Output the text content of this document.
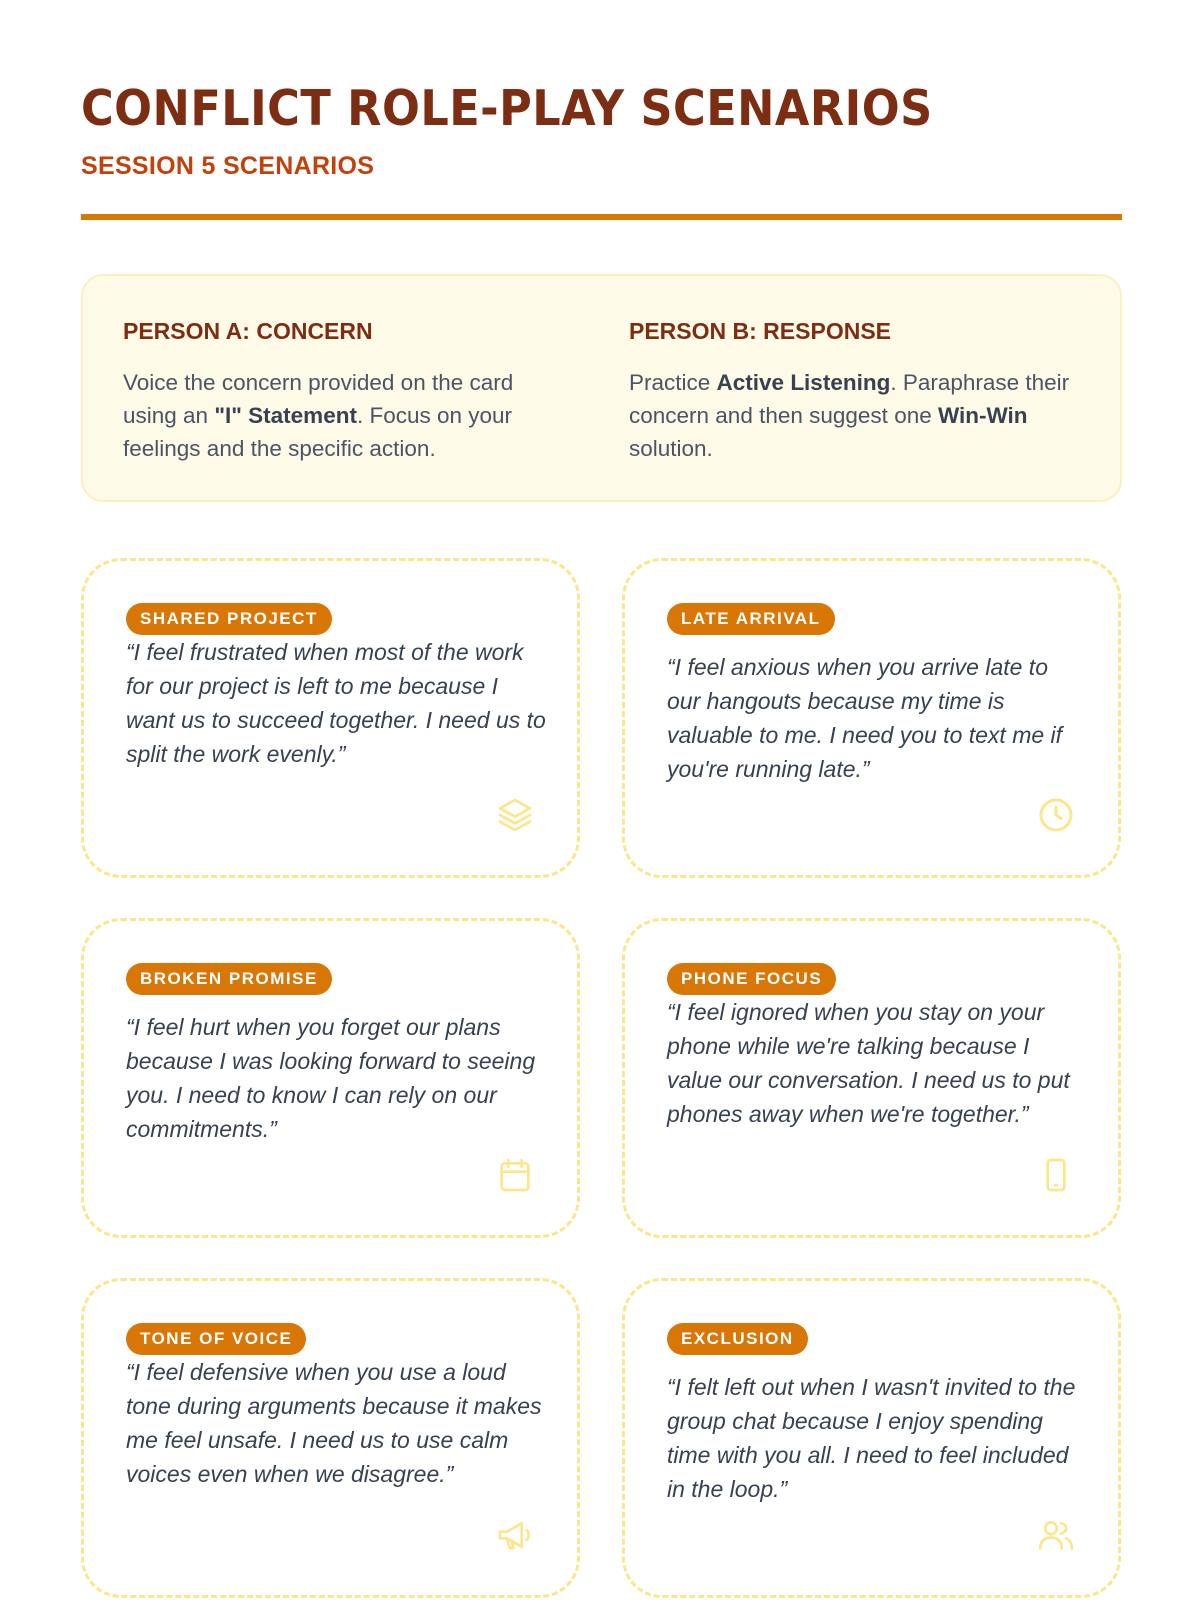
CONFLICT ROLE-PLAY SCENARIOS
SESSION 5 SCENARIOS
PERSON A: CONCERN

Voice the concern provided on the card using an "I" Statement. Focus on your feelings and the specific action.

PERSON B: RESPONSE

Practice Active Listening. Paraphrase their concern and then suggest one Win-Win solution.

SHARED PROJECT

“I feel frustrated when most of the work for our project is left to me because I want us to succeed together. I need us to split the work evenly.”

LATE ARRIVAL

“I feel anxious when you arrive late to our hangouts because my time is valuable to me. I need you to text me if you're running late.”

BROKEN PROMISE

“I feel hurt when you forget our plans because I was looking forward to seeing you. I need to know I can rely on our commitments.”

PHONE FOCUS

“I feel ignored when you stay on your phone while we're talking because I value our conversation. I need us to put phones away when we're together.”

TONE OF VOICE

“I feel defensive when you use a loud tone during arguments because it makes me feel unsafe. I need us to use calm voices even when we disagree.”

EXCLUSION

“I felt left out when I wasn't invited to the group chat because I enjoy spending time with you all. I need to feel included in the loop.”
